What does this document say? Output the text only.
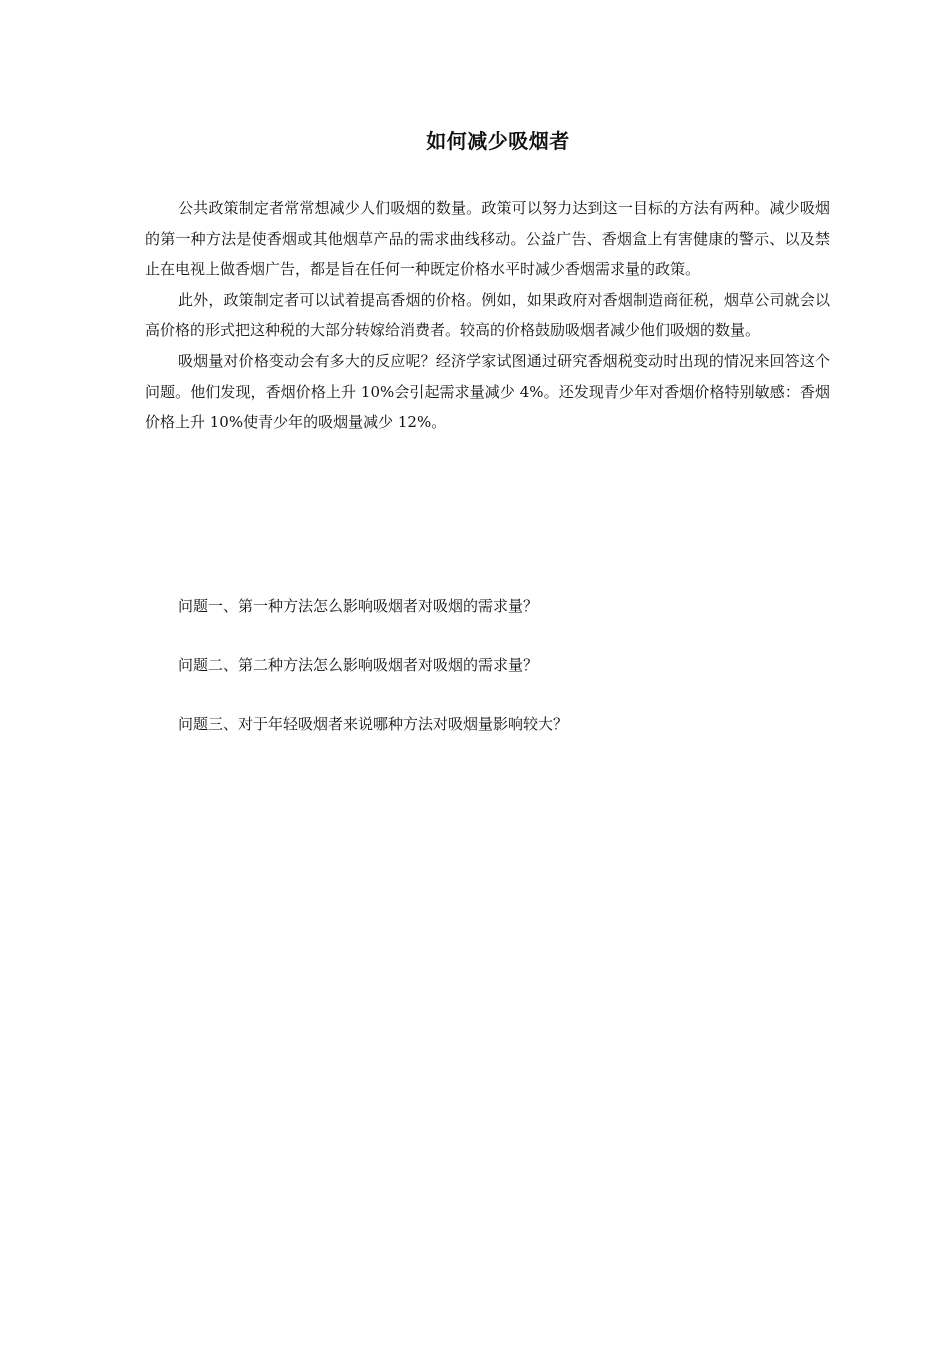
如何减少吸烟者

公共政策制定者常常想减少人们吸烟的数量。政策可以努力达到这一目标的方法有两种。减少吸烟的第一种方法是使香烟或其他烟草产品的需求曲线移动。公益广告、香烟盒上有害健康的警示、以及禁止在电视上做香烟广告，都是旨在任何一种既定价格水平时减少香烟需求量的政策。

此外，政策制定者可以试着提高香烟的价格。例如，如果政府对香烟制造商征税，烟草公司就会以高价格的形式把这种税的大部分转嫁给消费者。较高的价格鼓励吸烟者减少他们吸烟的数量。

吸烟量对价格变动会有多大的反应呢？经济学家试图通过研究香烟税变动时出现的情况来回答这个问题。他们发现，香烟价格上升 10%会引起需求量减少 4%。还发现青少年对香烟价格特别敏感：香烟价格上升 10%使青少年的吸烟量减少 12%。

问题一、第一种方法怎么影响吸烟者对吸烟的需求量？

问题二、第二种方法怎么影响吸烟者对吸烟的需求量？

问题三、对于年轻吸烟者来说哪种方法对吸烟量影响较大？
